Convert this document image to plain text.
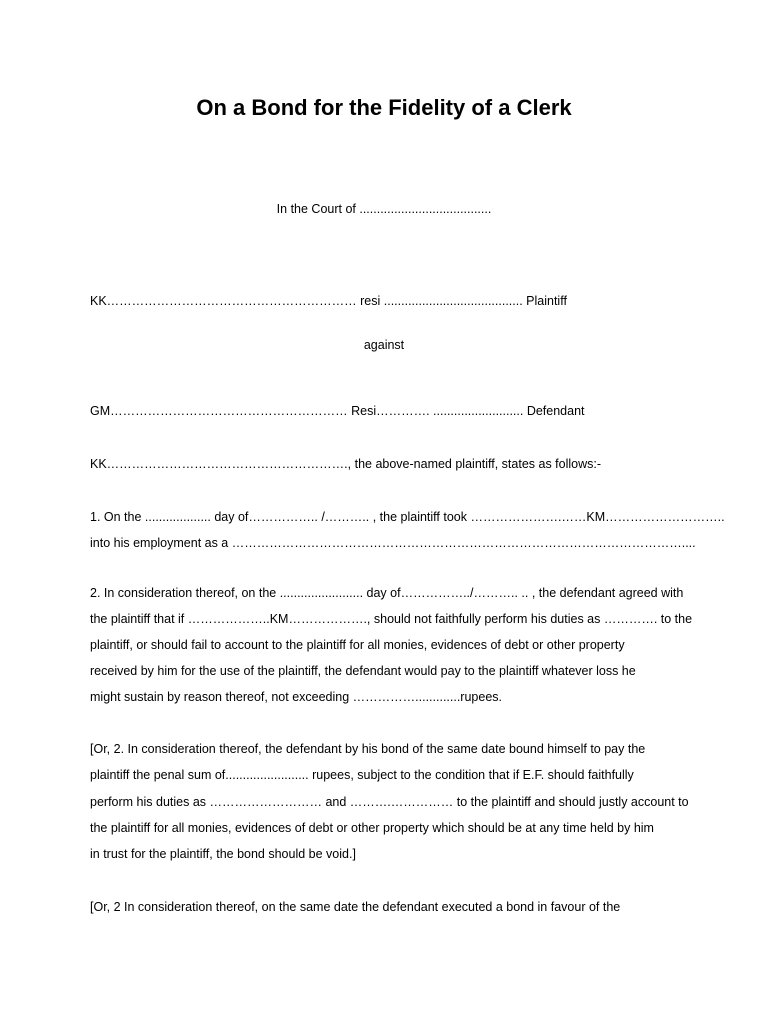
On a Bond for the Fidelity of a Clerk
In the Court of ......................................
KK…………………………………………………… resi ........................................ Plaintiff
against
GM………………………………………………… Resi…………. .......................... Defendant
KK…………………………………………………., the above-named plaintiff, states as follows:-
1. On the ................... day of…………….. /……….. , the plaintiff took ………………….……KM………………………..
into his employment as a ………………………………………………………………………………………………....
2. In consideration thereof, on the ........................ day of……………../……….. .. , the defendant agreed with
the plaintiff that if ………………..KM………………., should not faithfully perform his duties as …………. to the
plaintiff, or should fail to account to the plaintiff for all monies, evidences of debt or other property
received by him for the use of the plaintiff, the defendant would pay to the plaintiff whatever loss he
might sustain by reason thereof, not exceeding …………….............rupees.
[Or, 2. In consideration thereof, the defendant by his bond of the same date bound himself to pay the
plaintiff the penal sum of........................ rupees, subject to the condition that if E.F. should faithfully
perform his duties as ……………………… and ……….…………… to the plaintiff and should justly account to
the plaintiff for all monies, evidences of debt or other property which should be at any time held by him
in trust for the plaintiff, the bond should be void.]
[Or, 2 In consideration thereof, on the same date the defendant executed a bond in favour of the
